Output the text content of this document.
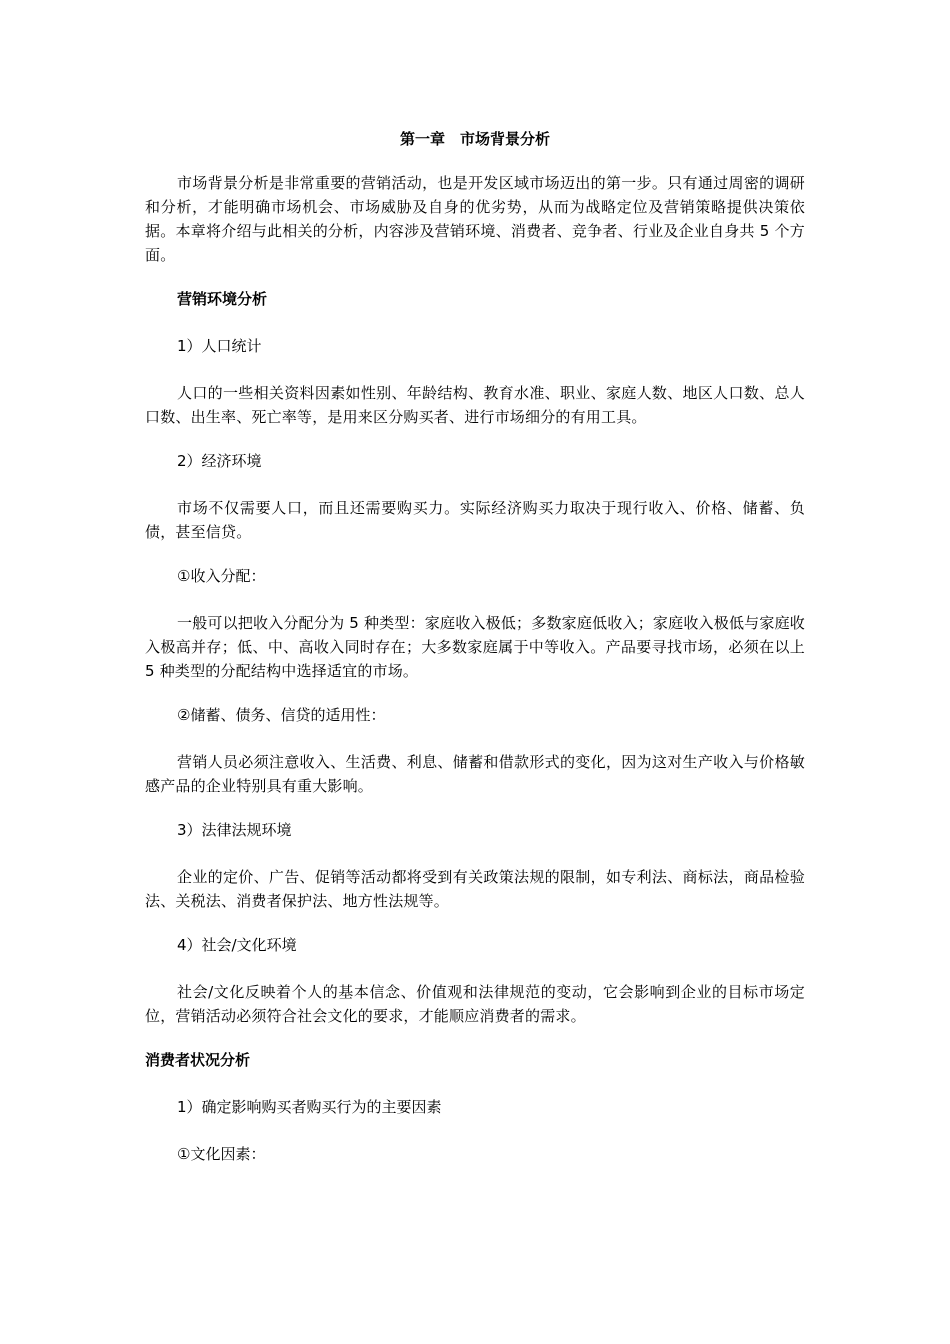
第一章　市场背景分析

市场背景分析是非常重要的营销活动，也是开发区域市场迈出的第一步。只有通过周密的调研和分析，才能明确市场机会、市场威胁及自身的优劣势，从而为战略定位及营销策略提供决策依据。本章将介绍与此相关的分析，内容涉及营销环境、消费者、竞争者、行业及企业自身共 5 个方面。

营销环境分析
1）人口统计

人口的一些相关资料因素如性别、年龄结构、教育水准、职业、家庭人数、地区人口数、总人口数、出生率、死亡率等，是用来区分购买者、进行市场细分的有用工具。

2）经济环境

市场不仅需要人口，而且还需要购买力。实际经济购买力取决于现行收入、价格、储蓄、负债，甚至信贷。

①收入分配：

一般可以把收入分配分为 5 种类型：家庭收入极低；多数家庭低收入；家庭收入极低与家庭收入极高并存；低、中、高收入同时存在；大多数家庭属于中等收入。产品要寻找市场，必须在以上 5 种类型的分配结构中选择适宜的市场。

②储蓄、债务、信贷的适用性：

营销人员必须注意收入、生活费、利息、储蓄和借款形式的变化，因为这对生产收入与价格敏感产品的企业特别具有重大影响。

3）法律法规环境

企业的定价、广告、促销等活动都将受到有关政策法规的限制，如专利法、商标法，商品检验法、关税法、消费者保护法、地方性法规等。

4）社会/文化环境

社会/文化反映着个人的基本信念、价值观和法律规范的变动，它会影响到企业的目标市场定位，营销活动必须符合社会文化的要求，才能顺应消费者的需求。

消费者状况分析
1）确定影响购买者购买行为的主要因素
①文化因素：
